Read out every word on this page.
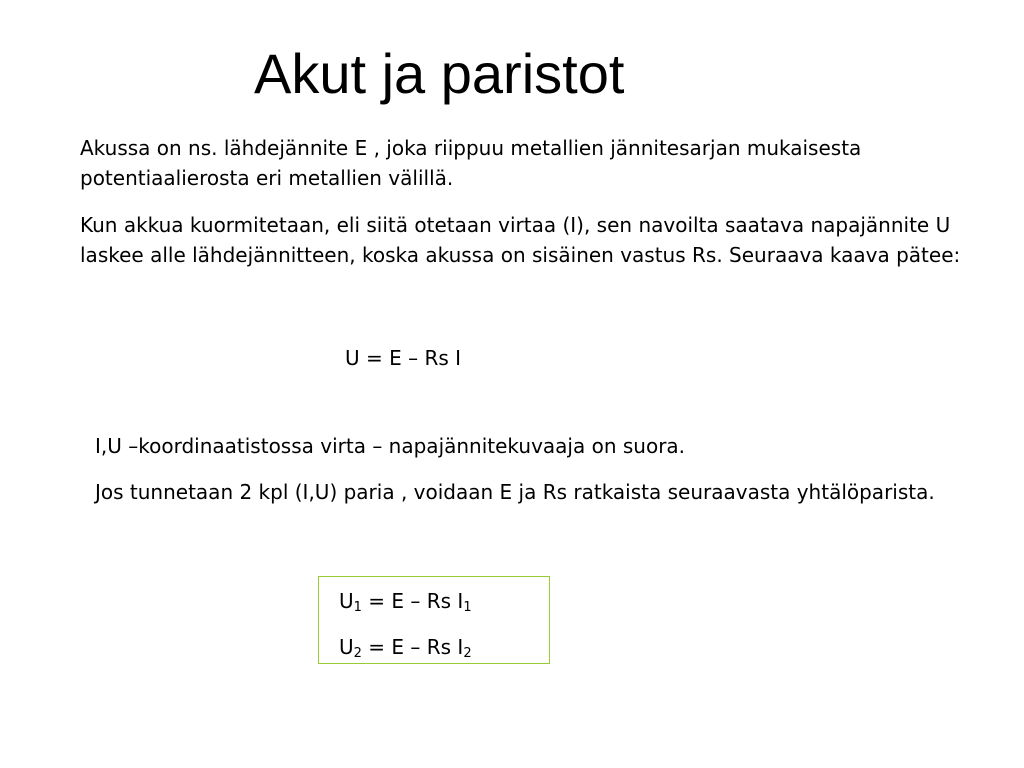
Akut ja paristot

Akussa on ns. lähdejännite E , joka riippuu metallien jännitesarjan mukaisesta potentiaalierosta eri metallien välillä.

Kun akkua kuormitetaan, eli siitä otetaan virtaa (I), sen navoilta saatava napajännite U laskee alle lähdejännitteen, koska akussa on sisäinen vastus Rs. Seuraava kaava pätee:

U = E – Rs I

I,U –koordinaatistossa virta – napajännitekuvaaja on suora.

Jos tunnetaan 2 kpl (I,U) paria , voidaan E ja Rs ratkaista seuraavasta yhtälöparista.

$U_1 = E - Rs$ $I_1$

$U_2 = E - Rs$ $I_2$
